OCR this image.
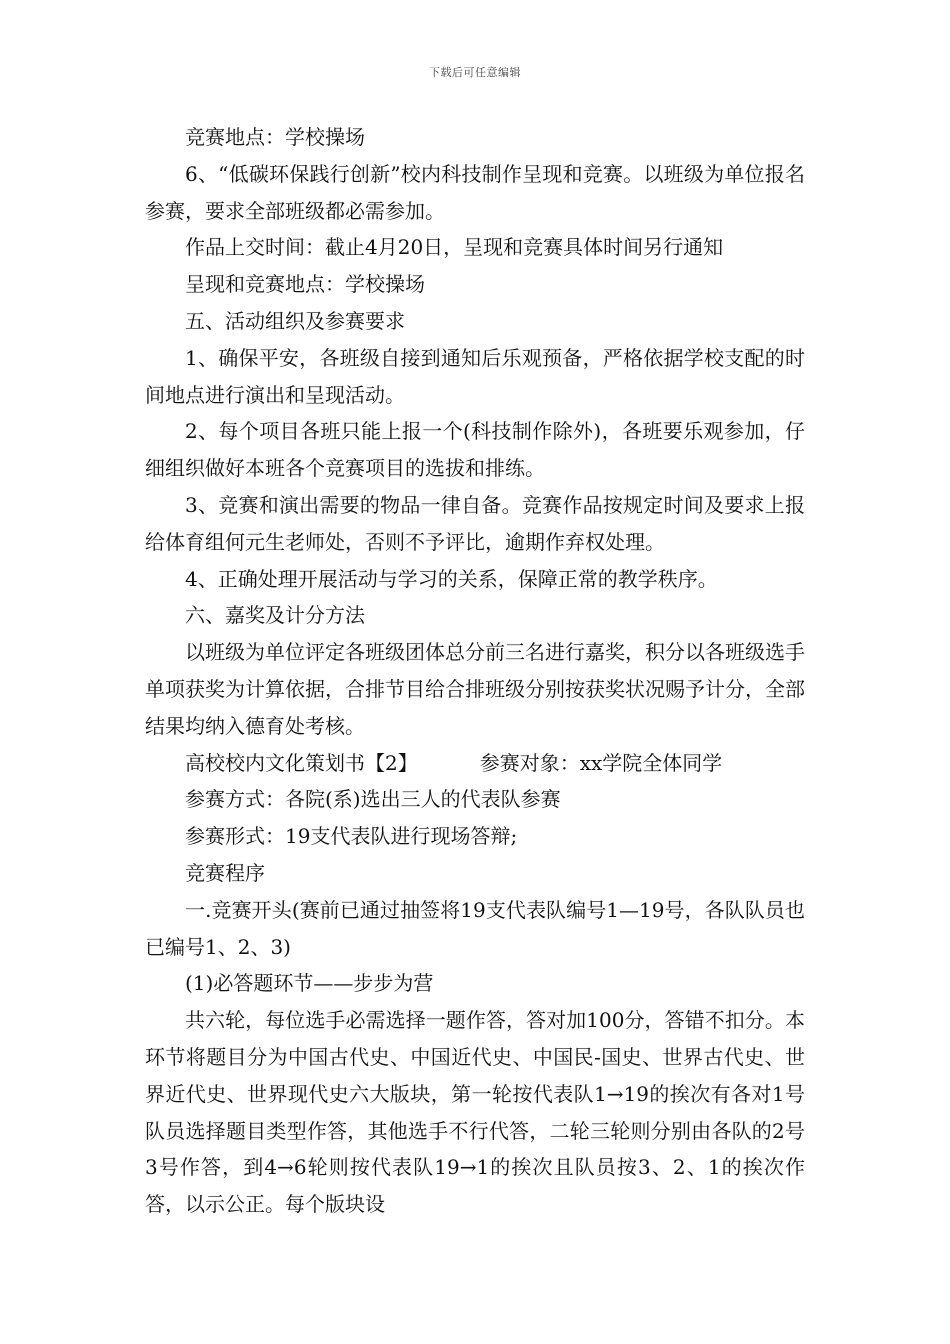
下载后可任意编辑

竞赛地点：学校操场

6、“低碳环保践行创新”校内科技制作呈现和竞赛。以班级为单位报名参赛，要求全部班级都必需参加。

作品上交时间：截止4月20日，呈现和竞赛具体时间另行通知

呈现和竞赛地点：学校操场

五、活动组织及参赛要求

1、确保平安，各班级自接到通知后乐观预备，严格依据学校支配的时间地点进行演出和呈现活动。

2、每个项目各班只能上报一个(科技制作除外)，各班要乐观参加，仔细组织做好本班各个竞赛项目的选拔和排练。

3、竞赛和演出需要的物品一律自备。竞赛作品按规定时间及要求上报给体育组何元生老师处，否则不予评比，逾期作弃权处理。

4、正确处理开展活动与学习的关系，保障正常的教学秩序。

六、嘉奖及计分方法

以班级为单位评定各班级团体总分前三名进行嘉奖，积分以各班级选手单项获奖为计算依据，合排节目给合排班级分别按获奖状况赐予计分，全部结果均纳入德育处考核。

高校校内文化策划书【2】	参赛对象：xx学院全体同学

参赛方式：各院(系)选出三人的代表队参赛

参赛形式：19支代表队进行现场答辩;

竞赛程序

一.竞赛开头(赛前已通过抽签将19支代表队编号1—19号，各队队员也已编号1、2、3)

(1)必答题环节——步步为营

共六轮，每位选手必需选择一题作答，答对加100分，答错不扣分。本环节将题目分为中国古代史、中国近代史、中国民-国史、世界古代史、世界近代史、世界现代史六大版块，第一轮按代表队1→19的挨次有各对1号队员选择题目类型作答，其他选手不行代答，二轮三轮则分别由各队的2号3号作答，到4→6轮则按代表队19→1的挨次且队员按3、2、1的挨次作答，以示公正。每个版块设
